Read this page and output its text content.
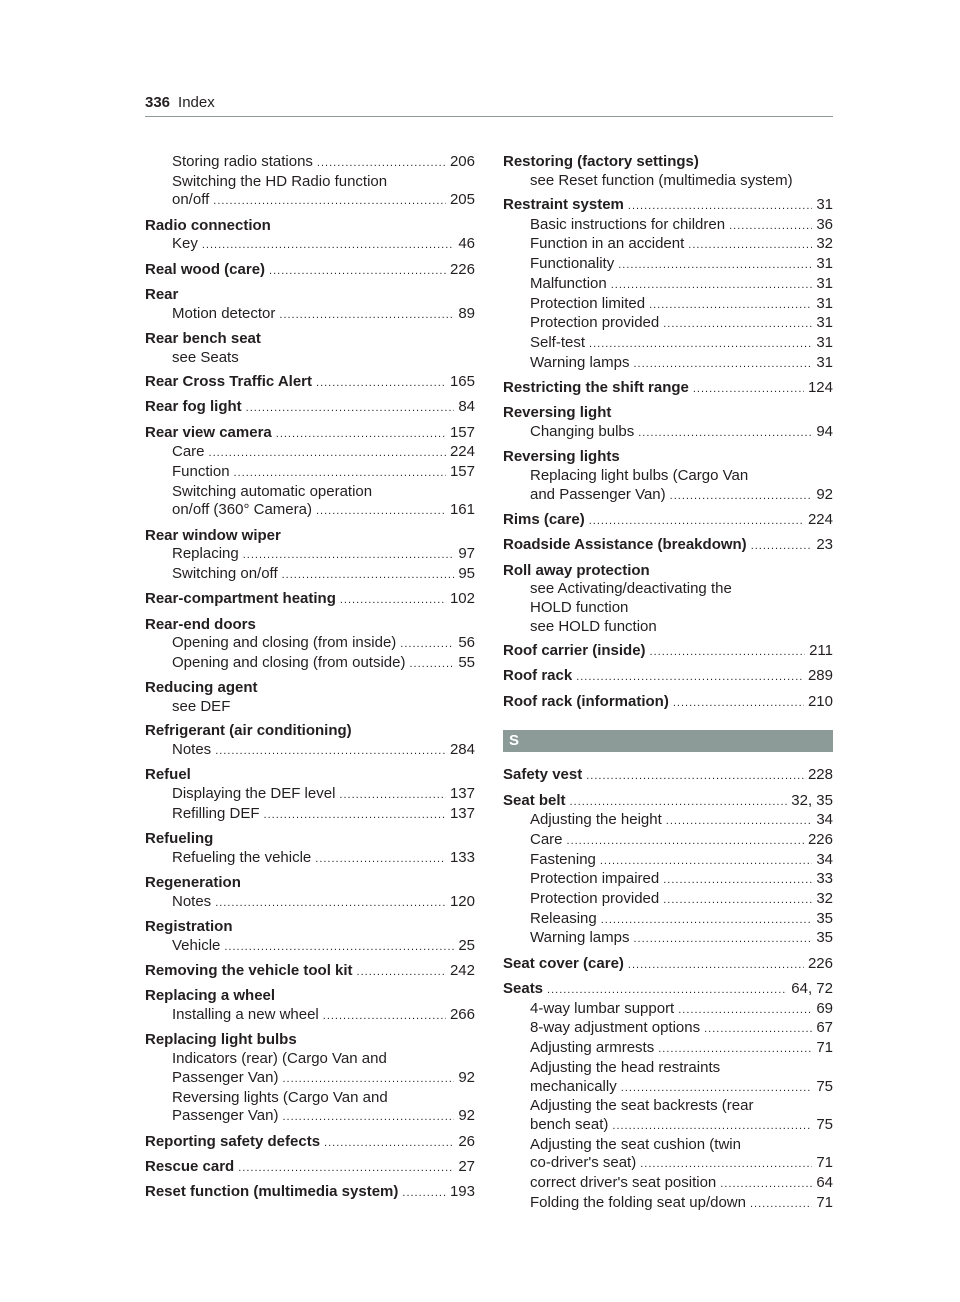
336 Index
Storing radio stations .....	206
Switching the HD Radio function
on/off .....	205
Radio connection
Key .....	46
Real wood (care) .....	226
Rear
Motion detector .....	89
Rear bench seat
see Seats
Rear Cross Traffic Alert .....	165
Rear fog light .....	84
Rear view camera .....	157
Care .....	224
Function .....	157
Switching automatic operation
on/off (360° Camera) .....	161
Rear window wiper
Replacing .....	97
Switching on/off .....	95
Rear-compartment heating .....	102
Rear-end doors
Opening and closing (from inside) .....	56
Opening and closing (from outside) .....	55
Reducing agent
see DEF
Refrigerant (air conditioning)
Notes .....	284
Refuel
Displaying the DEF level .....	137
Refilling DEF .....	137
Refueling
Refueling the vehicle .....	133
Regeneration
Notes .....	120
Registration
Vehicle .....	25
Removing the vehicle tool kit .....	242
Replacing a wheel
Installing a new wheel .....	266
Replacing light bulbs
Indicators (rear) (Cargo Van and
Passenger Van) .....	92
Reversing lights (Cargo Van and
Passenger Van) .....	92
Reporting safety defects .....	26
Rescue card .....	27
Reset function (multimedia system) .....	193
Restoring (factory settings)
see Reset function (multimedia system)
Restraint system .....	31
Basic instructions for children .....	36
Function in an accident .....	32
Functionality .....	31
Malfunction .....	31
Protection limited .....	31
Protection provided .....	31
Self-test .....	31
Warning lamps .....	31
Restricting the shift range .....	124
Reversing light
Changing bulbs .....	94
Reversing lights
Replacing light bulbs (Cargo Van
and Passenger Van) .....	92
Rims (care) .....	224
Roadside Assistance (breakdown) .....	23
Roll away protection
see Activating/deactivating the
HOLD function
see HOLD function
Roof carrier (inside) .....	211
Roof rack .....	289
Roof rack (information) .....	210
S
Safety vest .....	228
Seat belt .....	32, 35
Adjusting the height .....	34
Care .....	226
Fastening .....	34
Protection impaired .....	33
Protection provided .....	32
Releasing .....	35
Warning lamps .....	35
Seat cover (care) .....	226
Seats .....	64, 72
4-way lumbar support .....	69
8-way adjustment options .....	67
Adjusting armrests .....	71
Adjusting the head restraints
mechanically .....	75
Adjusting the seat backrests (rear
bench seat) .....	75
Adjusting the seat cushion (twin
co-driver's seat) .....	71
correct driver's seat position .....	64
Folding the folding seat up/down .....	71
